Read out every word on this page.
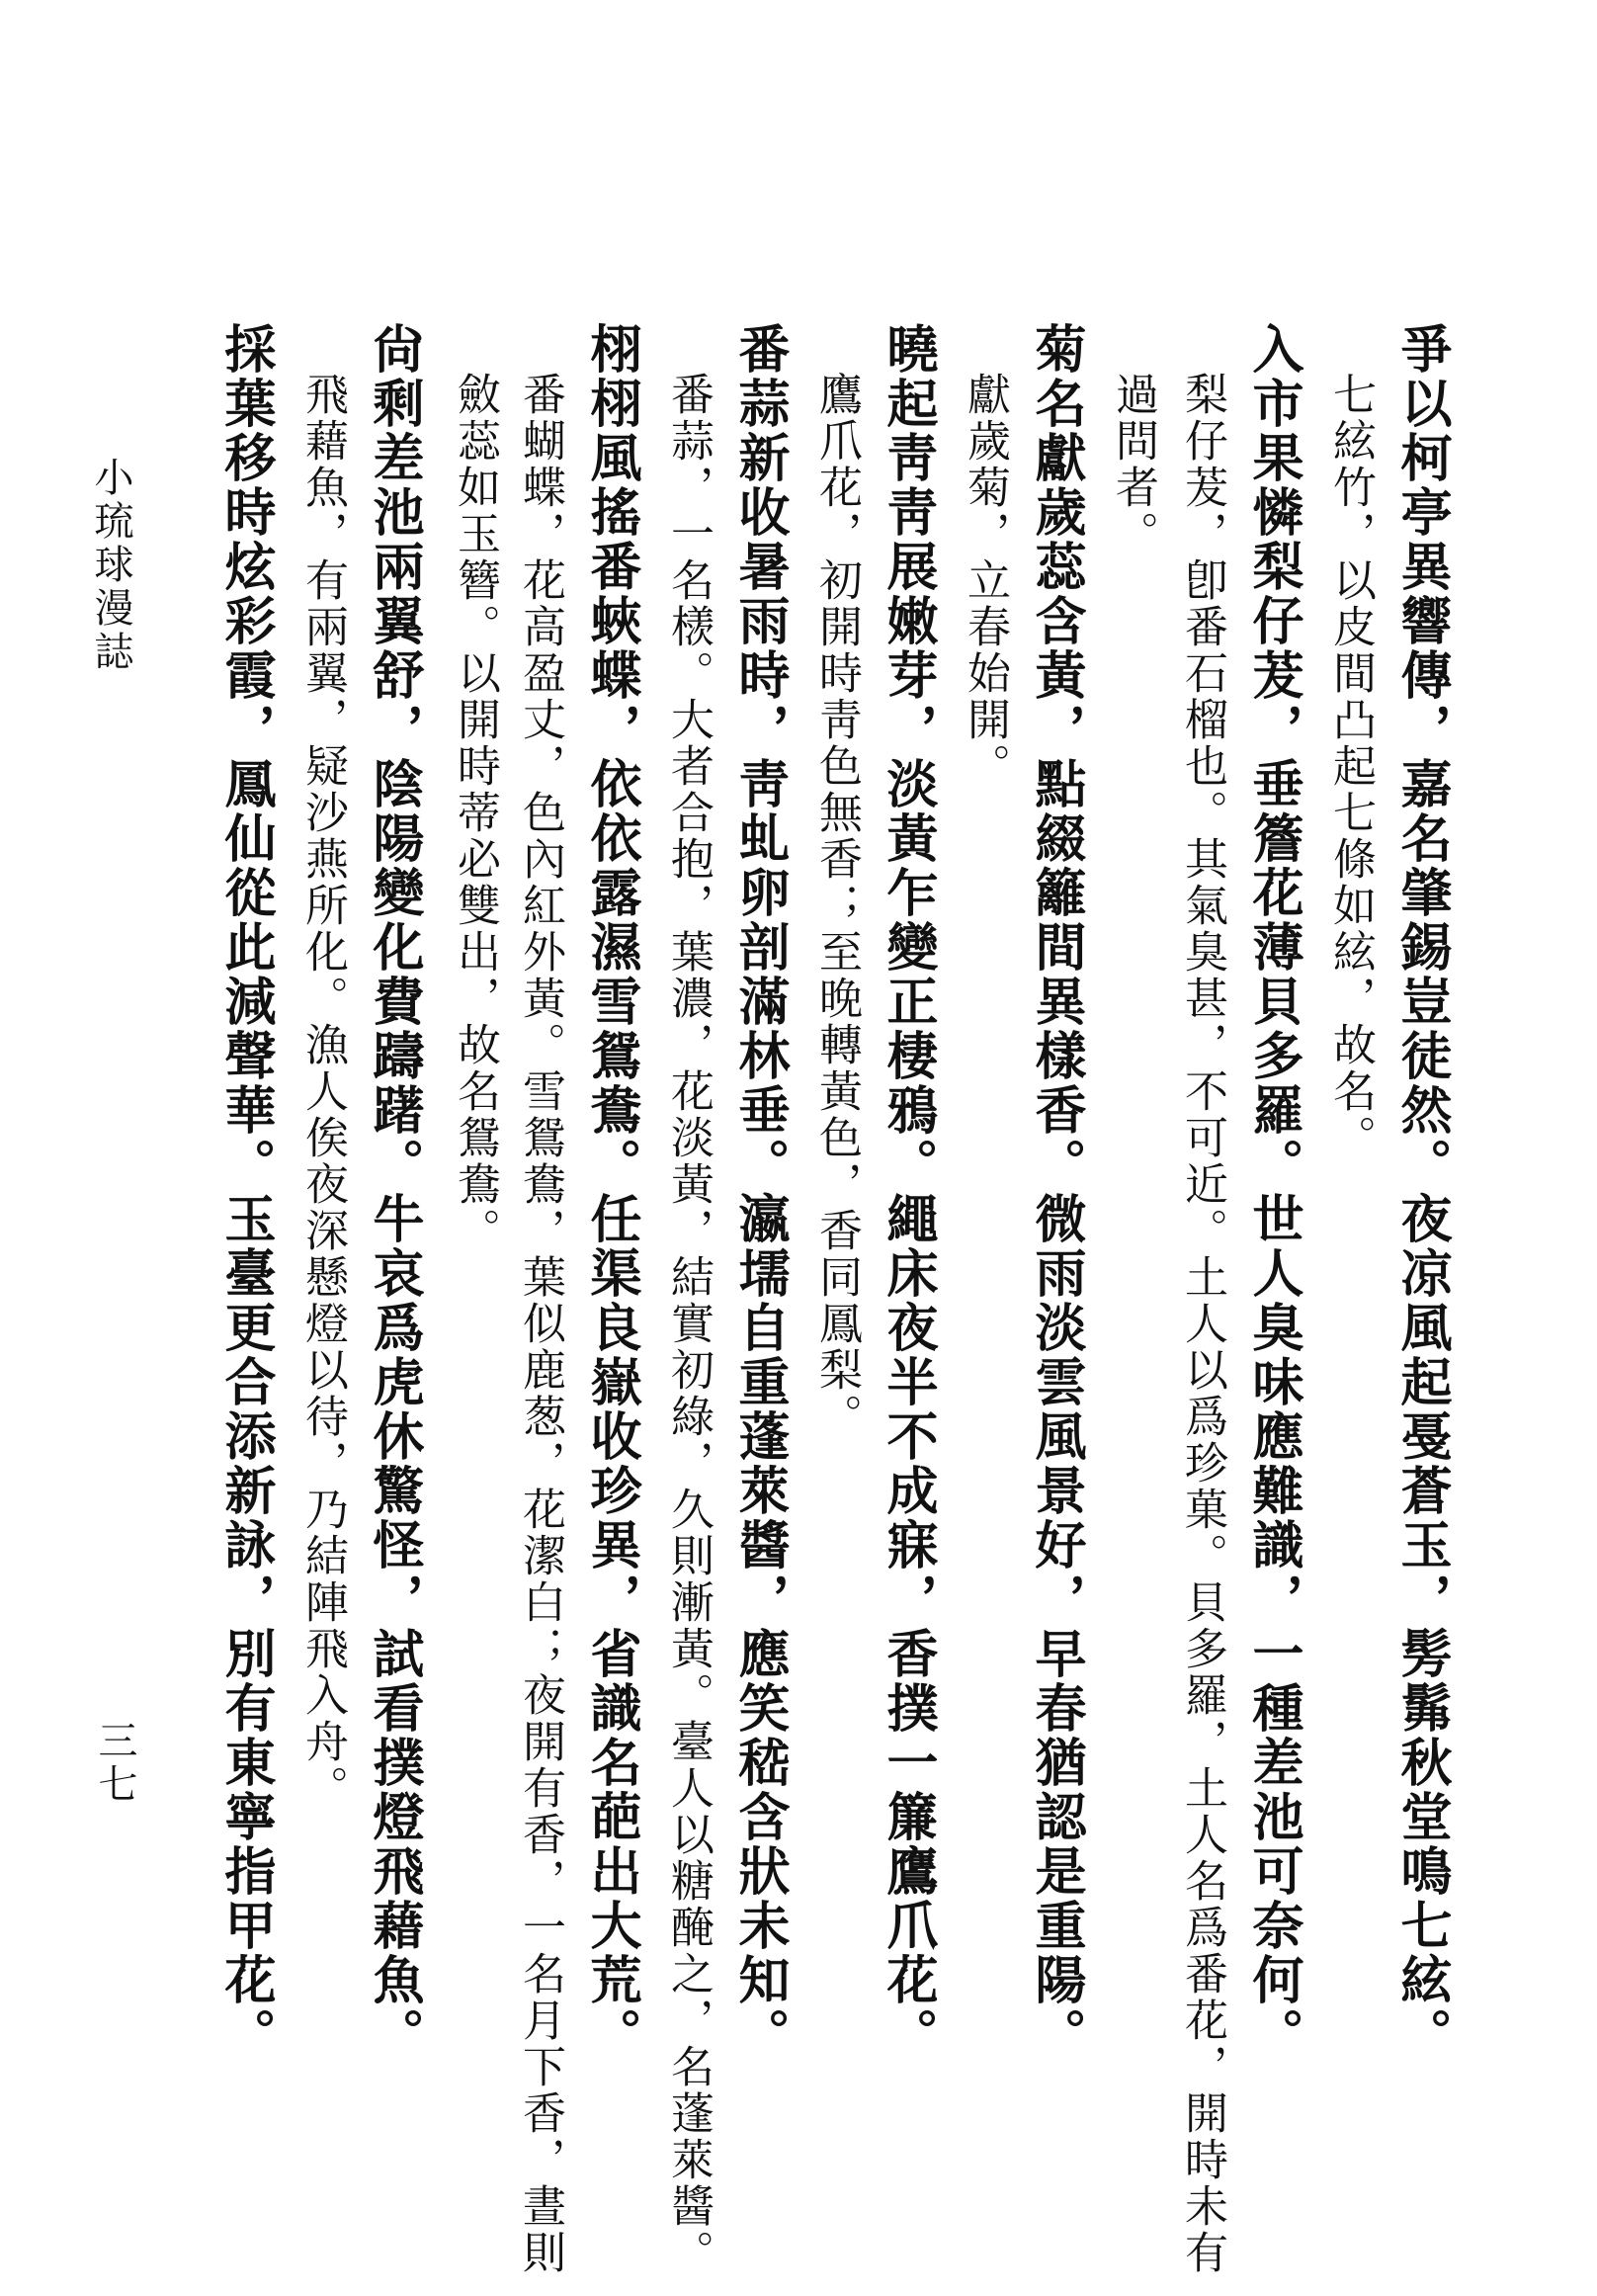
小琉球漫誌
三七	爭以柯亭異響傳，嘉名肇錫豈徒然。夜凉風起戞蒼玉，髣髴秋堂鳴七絃。
七絃竹，以皮間凸起七條如絃，故名。
入市果憐梨仔茇，垂簷花薄貝多羅。世人臭味應難識，一種差池可奈何。
梨仔茇，卽番石榴也。其氣臭甚，不可近。土人以爲珍菓。貝多羅，土人名爲番花，開時未有
過問者。
菊名獻歲蕊含黃，點綴籬間異樣香。微雨淡雲風景好，早春猶認是重陽。
獻歲菊，立春始開。
曉起靑靑展嫩芽，淡黃乍變正棲鴉。繩床夜半不成寐，香撲一簾鷹爪花。
鷹爪花，初開時靑色無香；至晚轉黃色，香同鳳梨。
番蒜新收暑雨時，靑虬卵剖滿林垂。瀛壖自重蓬萊醬，應笑嵇含狀未知。
番蒜，一名檨。大者合抱，葉濃，花淡黃，結實初綠，久則漸黃。臺人以糖醃之，名蓬萊醬。
栩栩風搖番蛺蝶，依依露濕雪鴛鴦。任渠良嶽收珍異，省識名葩出大荒。
番蝴蝶，花高盈丈，色內紅外黃。雪鴛鴦，葉似鹿葱，花潔白；夜開有香，一名月下香，晝則
斂蕊如玉簪。以開時蒂必雙出，故名鴛鴦。
尙剩差池兩翼舒，陰陽變化費躊躇。牛哀爲虎休驚怪，試看撲燈飛藉魚。
飛藉魚，有兩翼，疑沙燕所化。漁人俟夜深懸燈以待，乃結陣飛入舟。
採葉移時炫彩霞，鳳仙從此減聲華。玉臺更合添新詠，別有東寧指甲花。
